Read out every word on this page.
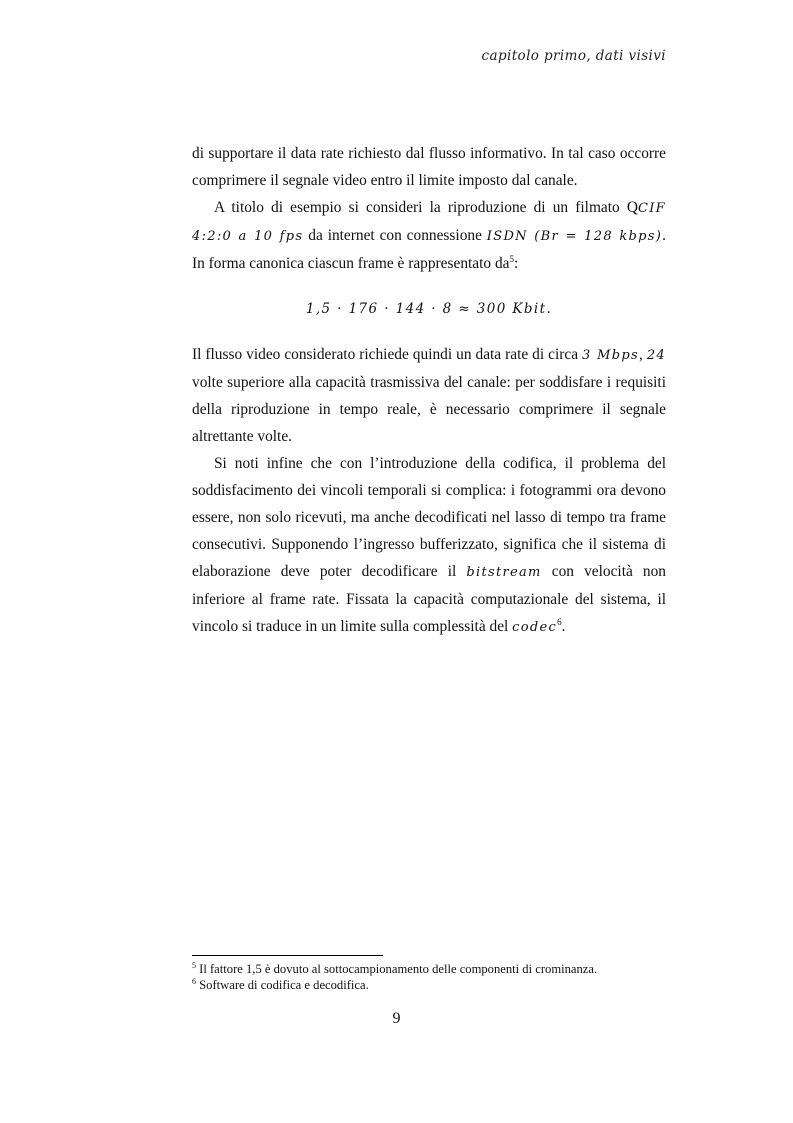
capitolo primo, dati visivi

di supportare il data rate richiesto dal flusso informativo. In tal caso occorre comprimere il segnale video entro il limite imposto dal canale.

A titolo di esempio si consideri la riproduzione di un filmato QCIF 4:2:0 a 10 fps da internet con connessione ISDN (Br = 128 kbps). In forma canonica ciascun frame è rappresentato $da^5$:

1,5 · 176 · 144 · 8 ≈ 300 Kbit.

Il flusso video considerato richiede quindi un data rate di circa 3 Mbps, 24 volte superiore alla capacità trasmissiva del canale: per soddisfare i requisiti della riproduzione in tempo reale, è necessario comprimere il segnale altrettante volte.

Si noti infine che con l’introduzione della codifica, il problema del soddisfacimento dei vincoli temporali si complica: i fotogrammi ora devono essere, non solo ricevuti, ma anche decodificati nel lasso di tempo tra frame consecutivi. Supponendo l’ingresso bufferizzato, significa che il sistema di elaborazione deve poter decodificare il bitstream con velocità non inferiore al frame rate. Fissata la capacità computazionale del sistema, il vincolo si traduce in un limite sulla complessità del codec$^6$.

$^5$ Il fattore 1,5 è dovuto al sottocampionamento delle componenti di crominanza.
$^6$ Software di codifica e decodifica.
9
